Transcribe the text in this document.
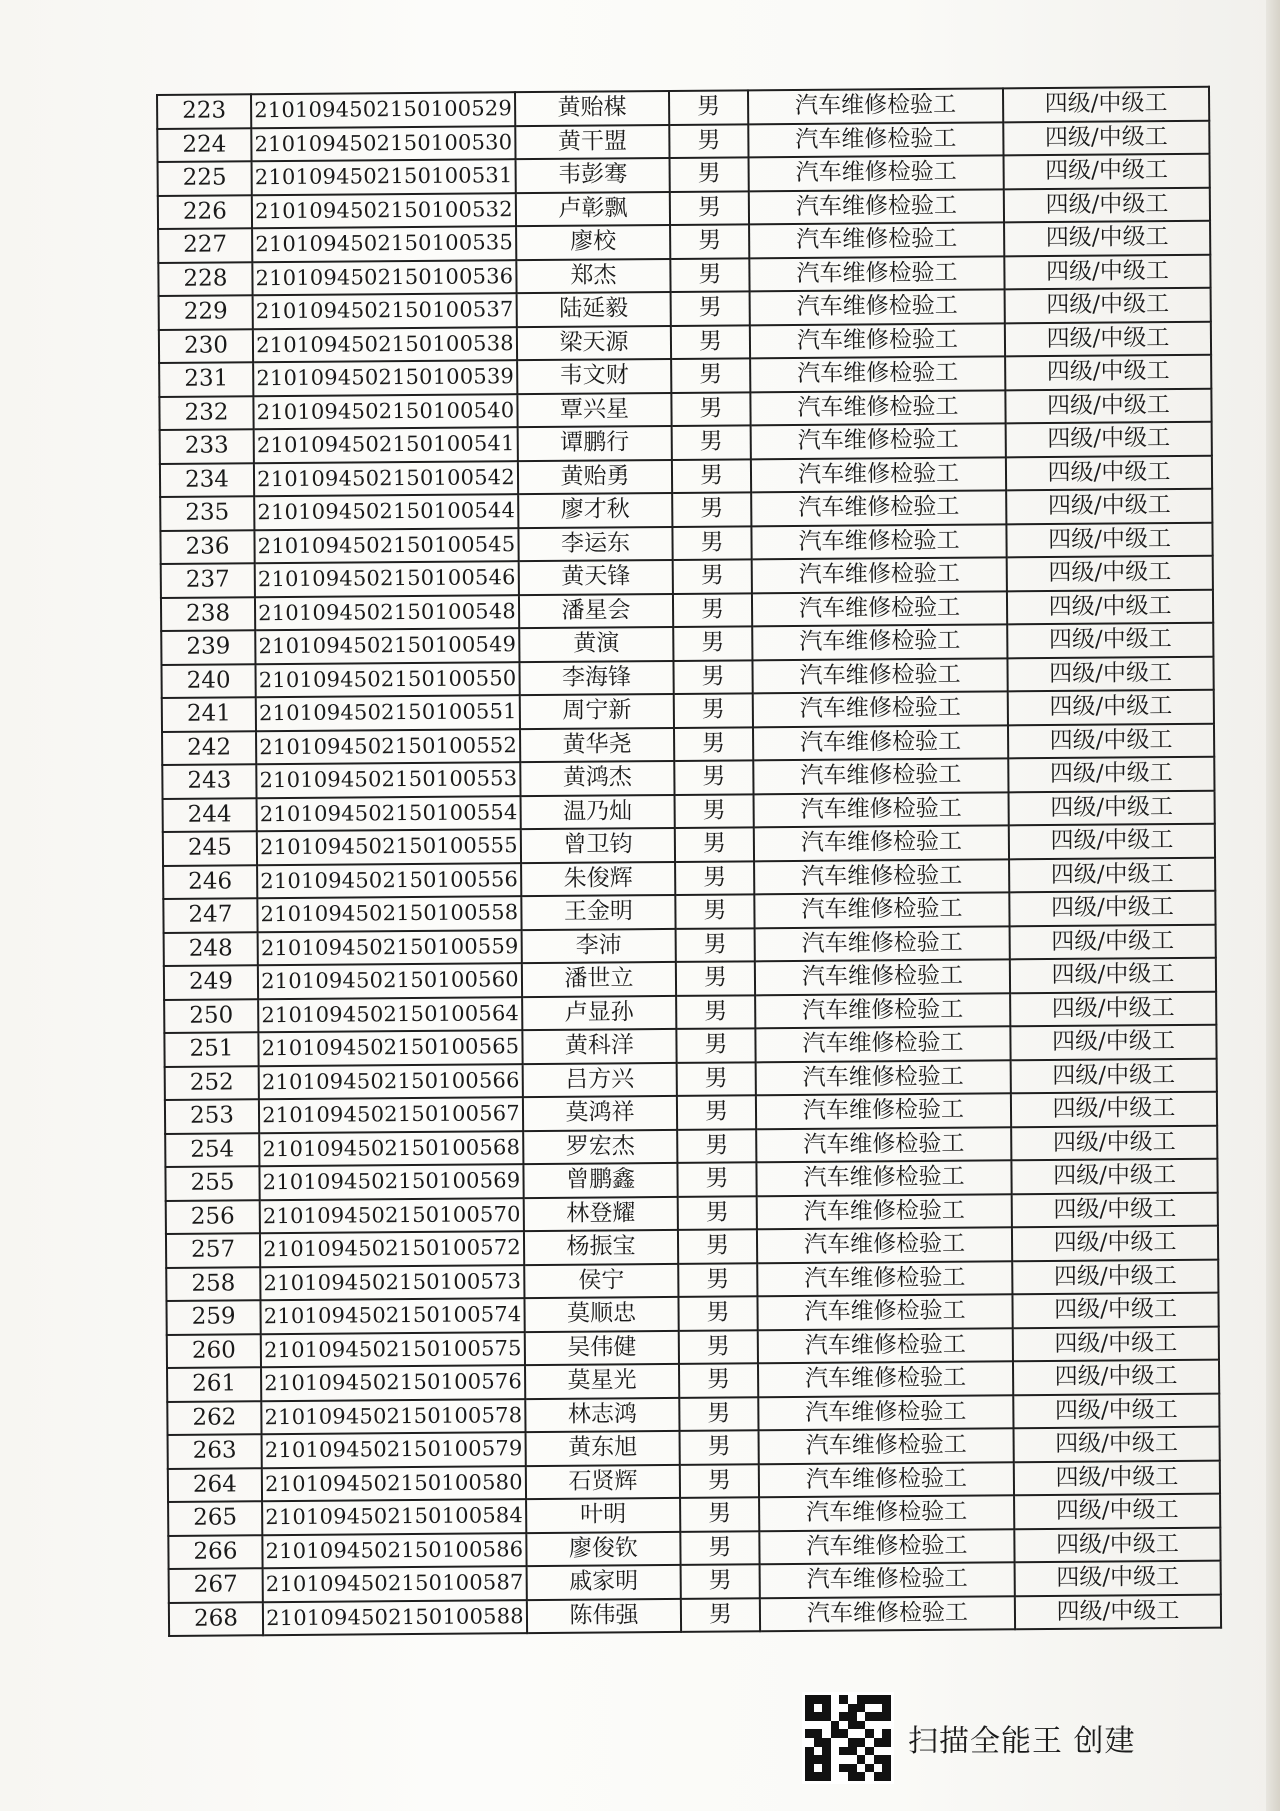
223	2101094502150100529	黄贻楳	男	汽车维修检验工	四级/中级工
224	2101094502150100530	黄干盟	男	汽车维修检验工	四级/中级工
225	2101094502150100531	韦彭骞	男	汽车维修检验工	四级/中级工
226	2101094502150100532	卢彰飘	男	汽车维修检验工	四级/中级工
227	2101094502150100535	廖校	男	汽车维修检验工	四级/中级工
228	2101094502150100536	郑杰	男	汽车维修检验工	四级/中级工
229	2101094502150100537	陆延毅	男	汽车维修检验工	四级/中级工
230	2101094502150100538	梁天源	男	汽车维修检验工	四级/中级工
231	2101094502150100539	韦文财	男	汽车维修检验工	四级/中级工
232	2101094502150100540	覃兴星	男	汽车维修检验工	四级/中级工
233	2101094502150100541	谭鹏行	男	汽车维修检验工	四级/中级工
234	2101094502150100542	黄贻勇	男	汽车维修检验工	四级/中级工
235	2101094502150100544	廖才秋	男	汽车维修检验工	四级/中级工
236	2101094502150100545	李运东	男	汽车维修检验工	四级/中级工
237	2101094502150100546	黄天锋	男	汽车维修检验工	四级/中级工
238	2101094502150100548	潘星会	男	汽车维修检验工	四级/中级工
239	2101094502150100549	黄演	男	汽车维修检验工	四级/中级工
240	2101094502150100550	李海锋	男	汽车维修检验工	四级/中级工
241	2101094502150100551	周宁新	男	汽车维修检验工	四级/中级工
242	2101094502150100552	黄华尧	男	汽车维修检验工	四级/中级工
243	2101094502150100553	黄鸿杰	男	汽车维修检验工	四级/中级工
244	2101094502150100554	温乃灿	男	汽车维修检验工	四级/中级工
245	2101094502150100555	曾卫钧	男	汽车维修检验工	四级/中级工
246	2101094502150100556	朱俊辉	男	汽车维修检验工	四级/中级工
247	2101094502150100558	王金明	男	汽车维修检验工	四级/中级工
248	2101094502150100559	李沛	男	汽车维修检验工	四级/中级工
249	2101094502150100560	潘世立	男	汽车维修检验工	四级/中级工
250	2101094502150100564	卢显孙	男	汽车维修检验工	四级/中级工
251	2101094502150100565	黄科洋	男	汽车维修检验工	四级/中级工
252	2101094502150100566	吕方兴	男	汽车维修检验工	四级/中级工
253	2101094502150100567	莫鸿祥	男	汽车维修检验工	四级/中级工
254	2101094502150100568	罗宏杰	男	汽车维修检验工	四级/中级工
255	2101094502150100569	曾鹏鑫	男	汽车维修检验工	四级/中级工
256	2101094502150100570	林登耀	男	汽车维修检验工	四级/中级工
257	2101094502150100572	杨振宝	男	汽车维修检验工	四级/中级工
258	2101094502150100573	侯宁	男	汽车维修检验工	四级/中级工
259	2101094502150100574	莫顺忠	男	汽车维修检验工	四级/中级工
260	2101094502150100575	吴伟健	男	汽车维修检验工	四级/中级工
261	2101094502150100576	莫星光	男	汽车维修检验工	四级/中级工
262	2101094502150100578	林志鸿	男	汽车维修检验工	四级/中级工
263	2101094502150100579	黄东旭	男	汽车维修检验工	四级/中级工
264	2101094502150100580	石贤辉	男	汽车维修检验工	四级/中级工
265	2101094502150100584	叶明	男	汽车维修检验工	四级/中级工
266	2101094502150100586	廖俊钦	男	汽车维修检验工	四级/中级工
267	2101094502150100587	戚家明	男	汽车维修检验工	四级/中级工
268	2101094502150100588	陈伟强	男	汽车维修检验工	四级/中级工
扫描全能王 创建
